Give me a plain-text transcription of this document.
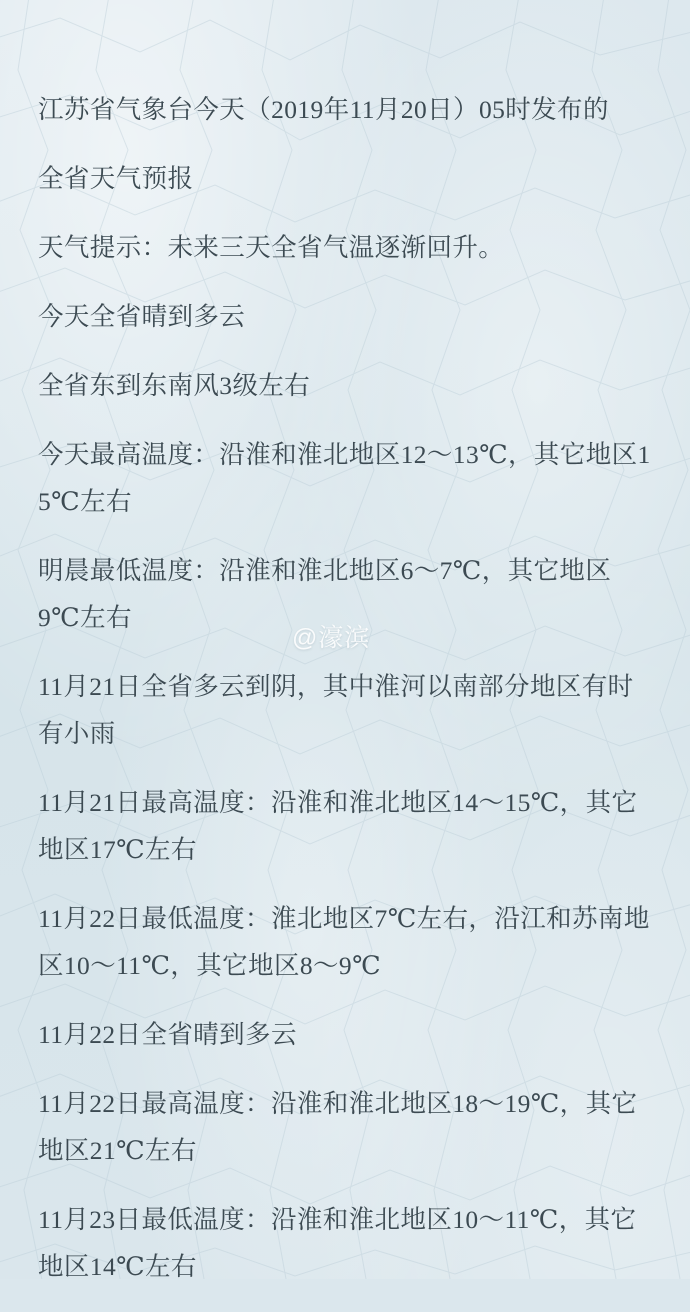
江苏省气象台今天（2019年11月20日）05时发布的

全省天气预报

天气提示：未来三天全省气温逐渐回升。

今天全省晴到多云

全省东到东南风3级左右

今天最高温度：沿淮和淮北地区12～13℃，其它地区15℃左右

明晨最低温度：沿淮和淮北地区6～7℃，其它地区9℃左右

11月21日全省多云到阴，其中淮河以南部分地区有时有小雨

11月21日最高温度：沿淮和淮北地区14～15℃，其它地区17℃左右

11月22日最低温度：淮北地区7℃左右，沿江和苏南地区10～11℃，其它地区8～9℃

11月22日全省晴到多云

11月22日最高温度：沿淮和淮北地区18～19℃，其它地区21℃左右

11月23日最低温度：沿淮和淮北地区10～11℃，其它地区14℃左右

@濠滨
